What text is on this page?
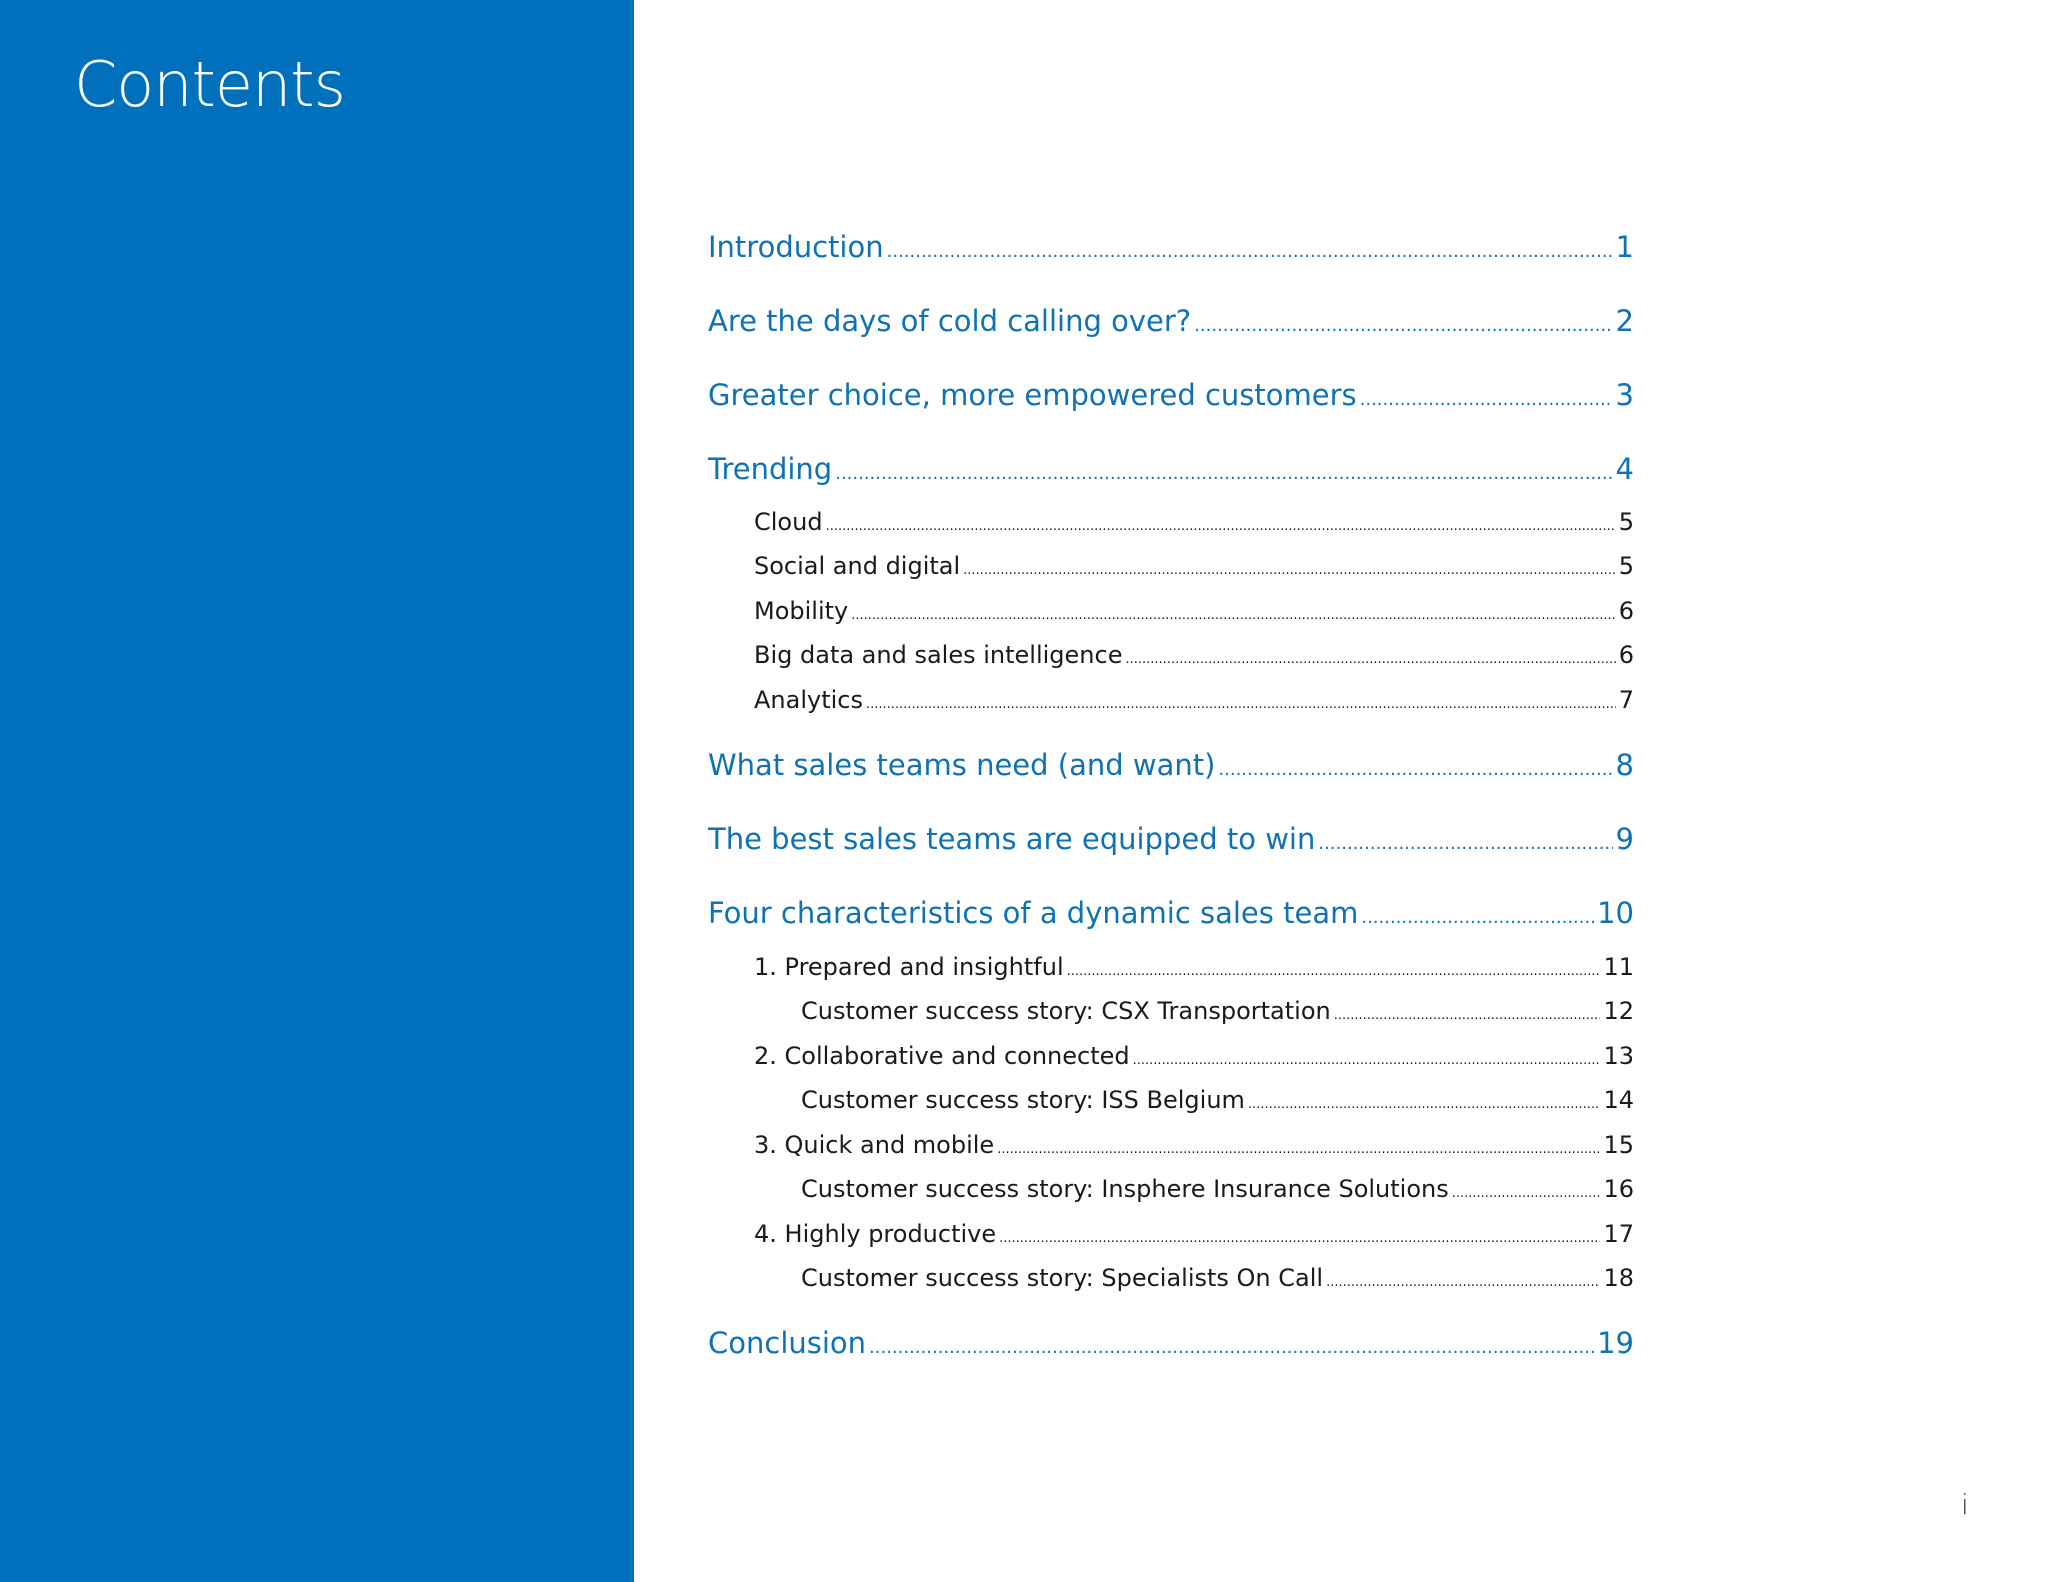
Contents
Introduction .....	1
Are the days of cold calling over? .....	2
Greater choice, more empowered customers .....	3
Trending .....	4
Cloud .....	5
Social and digital .....	5
Mobility .....	6
Big data and sales intelligence .....	6
Analytics .....	7
What sales teams need (and want) .....	8
The best sales teams are equipped to win .....	9
Four characteristics of a dynamic sales team .....	10
1. Prepared and insightful .....	11
Customer success story: CSX Transportation .....	12
2. Collaborative and connected .....	13
Customer success story: ISS Belgium .....	14
3. Quick and mobile .....	15
Customer success story: Insphere Insurance Solutions .....	16
4. Highly productive .....	17
Customer success story: Specialists On Call .....	18
Conclusion .....	19
i
